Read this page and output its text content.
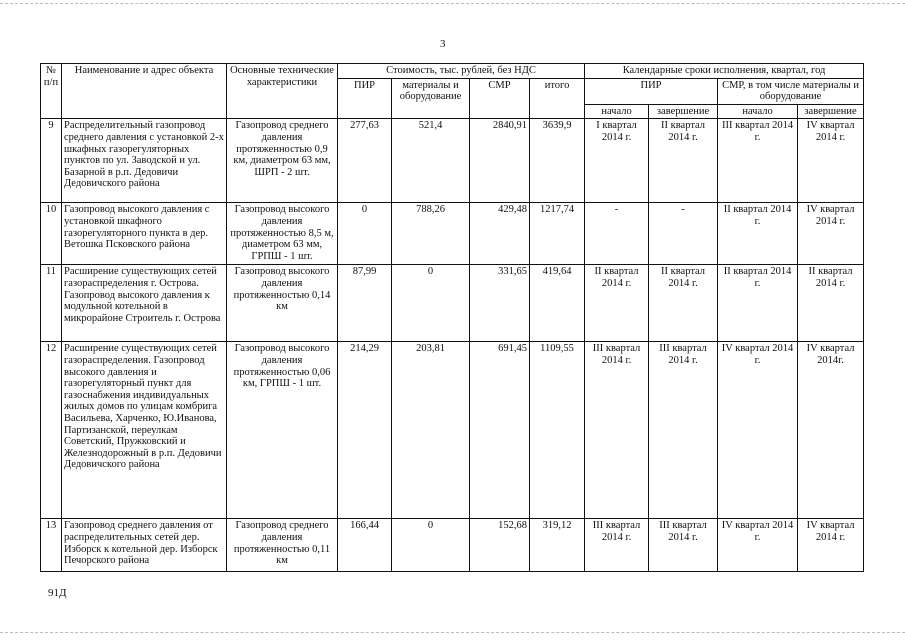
3
№ п/п	Наименование и адрес объекта	Основные технические характеристики	Стоимость, тыс. рублей, без НДС				Календарные сроки исполнения, квартал, год			
			ПИР	материалы и оборудование	СМР	итого	ПИР		СМР, в том числе материалы и оборудование	
							начало	завершение	начало	завершение
9	Распределительный газопровод среднего давления с установкой 2-х шкафных газорегуляторных пунктов по ул. Заводской и ул. Базарной в р.п. Дедовичи Дедовичского района	Газопровод среднего давления протяженностью 0,9 км, диаметром 63 мм, ШРП - 2 шт.	277,63	521,4	2840,91	3639,9	I квартал 2014 г.	II квартал 2014 г.	III квартал 2014 г.	IV квартал 2014 г.
10	Газопровод высокого давления с установкой шкафного газорегуляторного пункта в дер. Ветошка Псковского района	Газопровод высокого давления протяженностью 8,5 м, диаметром 63 мм, ГРПШ - 1 шт.	0	788,26	429,48	1217,74	-	-	II квартал 2014 г.	IV квартал 2014 г.
11	Расширение существующих сетей газораспределения г. Острова. Газопровод высокого давления к модульной котельной в микрорайоне Строитель г. Острова	Газопровод высокого давления протяженностью 0,14 км	87,99	0	331,65	419,64	II квартал 2014 г.	II квартал 2014 г.	II квартал 2014 г.	II квартал 2014 г.
12	Расширение существующих сетей газораспределения. Газопровод высокого давления и газорегуляторный пункт для газоснабжения индивидуальных жилых домов по улицам комбрига Васильева, Харченко, Ю.Иванова, Партизанской, переулкам Советский, Пружковский и Железнодорожный в р.п. Дедовичи Дедовичского района	Газопровод высокого давления протяженностью 0,06 км, ГРПШ - 1 шт.	214,29	203,81	691,45	1109,55	III квартал 2014 г.	III квартал 2014 г.	IV квартал 2014 г.	IV квартал 2014г.
13	Газопровод среднего давления от распределительных сетей дер. Изборск к котельной дер. Изборск Печорского района	Газопровод среднего давления протяженностью 0,11 км	166,44	0	152,68	319,12	III квартал 2014 г.	III квартал 2014 г.	IV квартал 2014 г.	IV квартал 2014 г.
91Д
